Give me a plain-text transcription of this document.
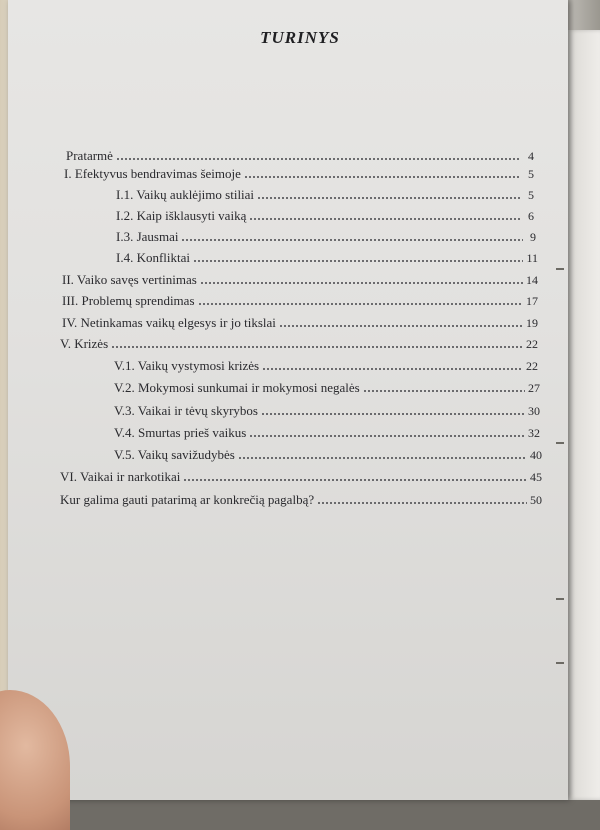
TURINYS
Pratarmė	4
I. Efektyvus bendravimas šeimoje	5
I.1. Vaikų auklėjimo stiliai	5
I.2. Kaip išklausyti vaiką	6
I.3. Jausmai	9
I.4. Konfliktai	11
II. Vaiko savęs vertinimas	14
III. Problemų sprendimas	17
IV. Netinkamas vaikų elgesys ir jo tikslai	19
V. Krizės	22
V.1. Vaikų vystymosi krizės	22
V.2. Mokymosi sunkumai ir mokymosi negalės	27
V.3. Vaikai ir tėvų skyrybos	30
V.4. Smurtas prieš vaikus	32
V.5. Vaikų savižudybės	40
VI. Vaikai ir narkotikai	45
Kur galima gauti patarimą ar konkrečią pagalbą?	50
